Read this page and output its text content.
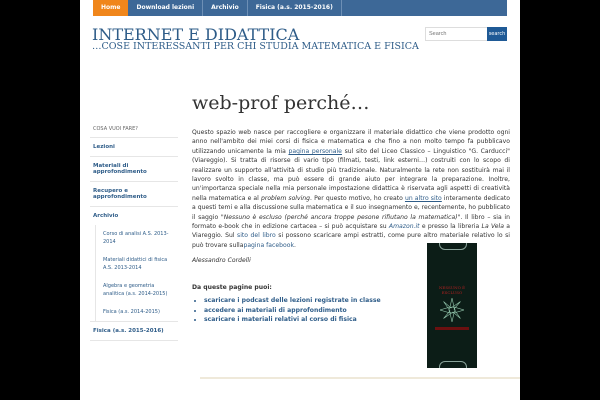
Home	Download lezioni	Archivio	Fisica (a.s. 2015-2016)
INTERNET E DIDATTICA
…COSE INTERESSANTI PER CHI STUDIA MATEMATICA E FISICA
Search
search
web-prof perché…
COSA VUOI FARE?
Lezioni
Materiali di approfondimento
Recupero e approfondimento
Archivio
Corso di analisi A.S. 2013-2014
Materiali didattici di fisica A.S. 2013-2014
Algebra e geometria analitica (a.s. 2014-2015)
Fisica (a.s. 2014-2015)
Fisica (a.s. 2015-2016)

Questo spazio web nasce per raccogliere e organizzare il materiale didattico che viene prodotto ogni anno nell'ambito dei miei corsi di fisica e matematica e che fino a non molto tempo fa pubblicavo utilizzando unicamente la mia pagina personale sul sito del Liceo Classico – Linguistico "G. Carducci" (Viareggio). Si tratta di risorse di vario tipo (filmati, testi, link esterni…) costruiti con lo scopo di realizzare un supporto all'attività di studio più tradizionale. Naturalmente la rete non sostituirà mai il lavoro svolto in classe, ma può essere di grande aiuto per integrare la preparazione. Inoltre, un'importanza speciale nella mia personale impostazione didattica è riservata agli aspetti di creatività nella matematica e al problem solving. Per questo motivo, ho creato un altro sito interamente dedicato a questi temi e alla discussione sulla matematica e il suo insegnamento e, recentemente, ho pubblicato il saggio "Nessuno è escluso (perché ancora troppe pesone rifiutano la matematica)". Il libro – sia in formato e-book che in edizione cartacea – si può acquistare su Amazon.it e presso la libreria La Vela a Viareggio. Sul sito del libro si possono scaricare ampi estratti, come pure altro materiale relativo lo si può trovare sullapagina facebook.

Alessandro Cordelli

Da queste pagine puoi:

• scaricare i podcast delle lezioni registrate in classe
• accedere ai materiali di approfondimento
• scaricare i materiali relativi al corso di fisica
NESSUNO È ESCLUSO
